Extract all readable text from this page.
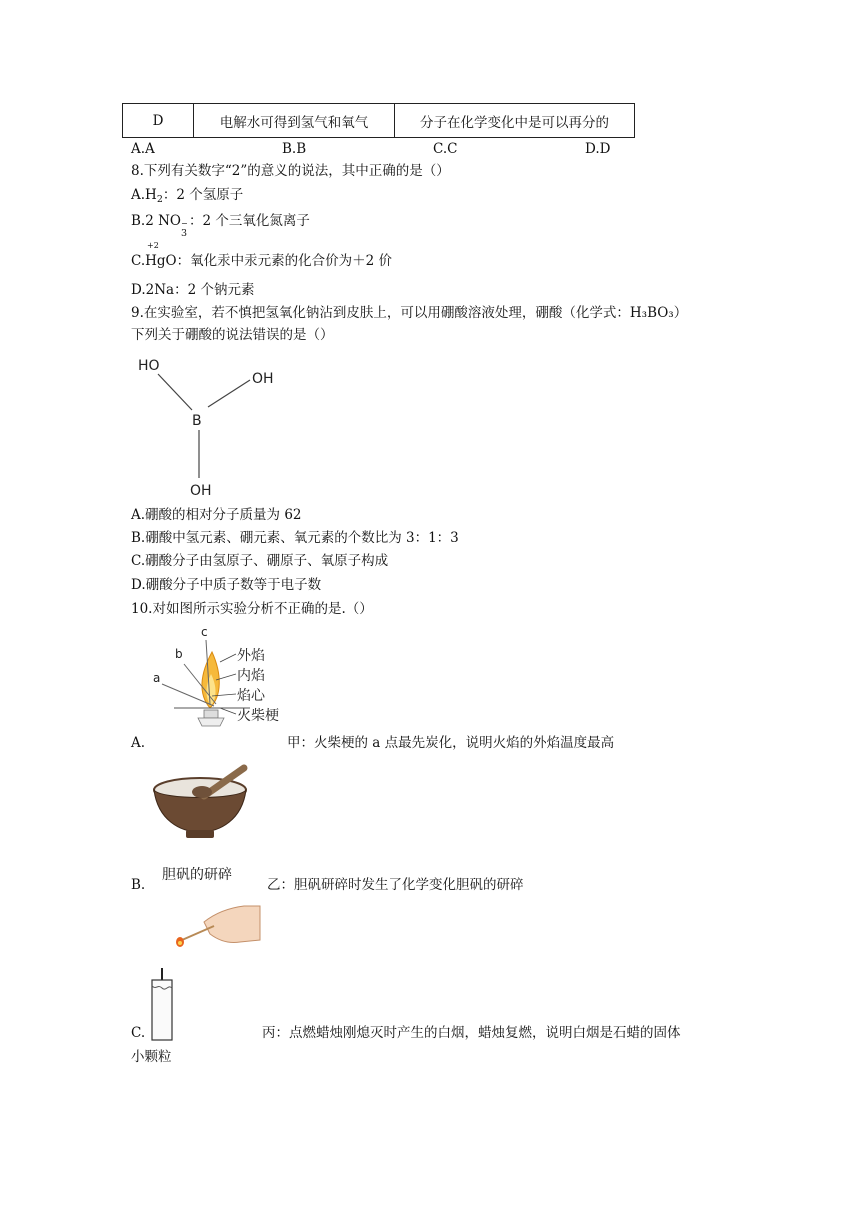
D	电解水可得到氢气和氧气	分子在化学变化中是可以再分的
A.A	B.B	C.C	D.D
8.下列有关数字“2”的意义的说法，其中正确的是（）
$A.H_2$：2 个氢原子
B.2 NO −
3
：2 个三氧化氮离子
+2
C.HgO：氧化汞中汞元素的化合价为＋2 价
D.2Na：2 个钠元素
9.在实验室，若不慎把氢氧化钠沾到皮肤上，可以用硼酸溶液处理，硼酸（化学式：H₃BO₃）
下列关于硼酸的说法错误的是（）
HO
OH
B
OH
A.硼酸的相对分子质量为 62
B.硼酸中氢元素、硼元素、氧元素的个数比为 3：1：3
C.硼酸分子由氢原子、硼原子、氧原子构成
D.硼酸分子中质子数等于电子数
10.对如图所示实验分析不正确的是.（）
c
b
a
外焰
内焰
焰心
火柴梗
A.	甲：火柴梗的 a 点最先炭化，说明火焰的外焰温度最高
胆矾的研碎
B.	乙：胆矾研碎时发生了化学变化胆矾的研碎
C.	丙：点燃蜡烛刚熄灭时产生的白烟，蜡烛复燃，说明白烟是石蜡的固体
小颗粒
